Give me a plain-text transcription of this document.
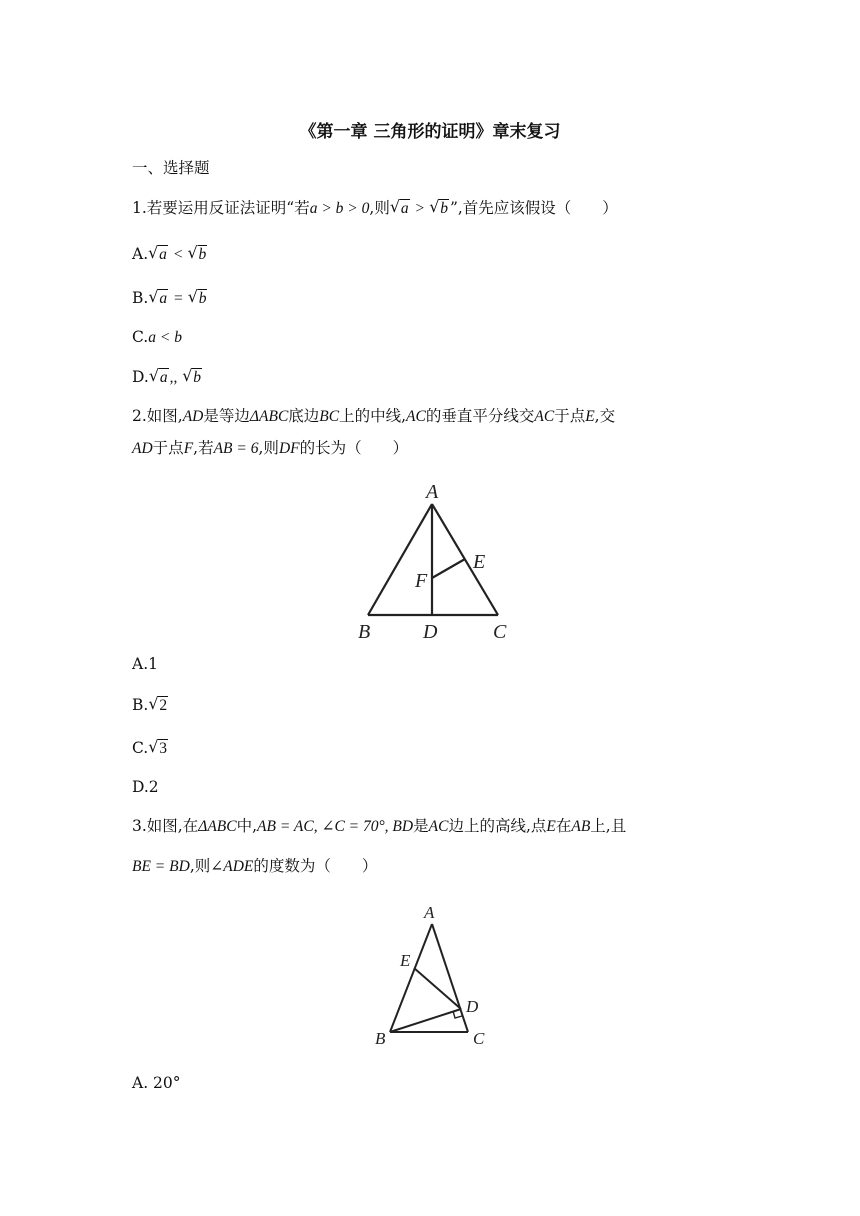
《第一章 三角形的证明》章末复习
一、选择题
1.若要运用反证法证明“若a > b > 0,则 √ a > √ b ”,首先应该假设（　　）
A. √ a < √ b
B. √ a = √ b
C.a < b
D. √ a ,, √ b
2.如图,AD是等边ΔABC底边BC上的中线,AC的垂直平分线交AC于点E,交
AD于点F,若AB = 6,则DF的长为（　　）
A
E
F
B	D	C
A.1
B. √ 2
C. √ 3
D.2
3.如图,在ΔABC中,AB = AC, ∠C = 70°, BD是AC边上的高线,点E在AB上,且
BE = BD,则∠ADE的度数为（　　）
A
E
D
B	C
A. 20°
